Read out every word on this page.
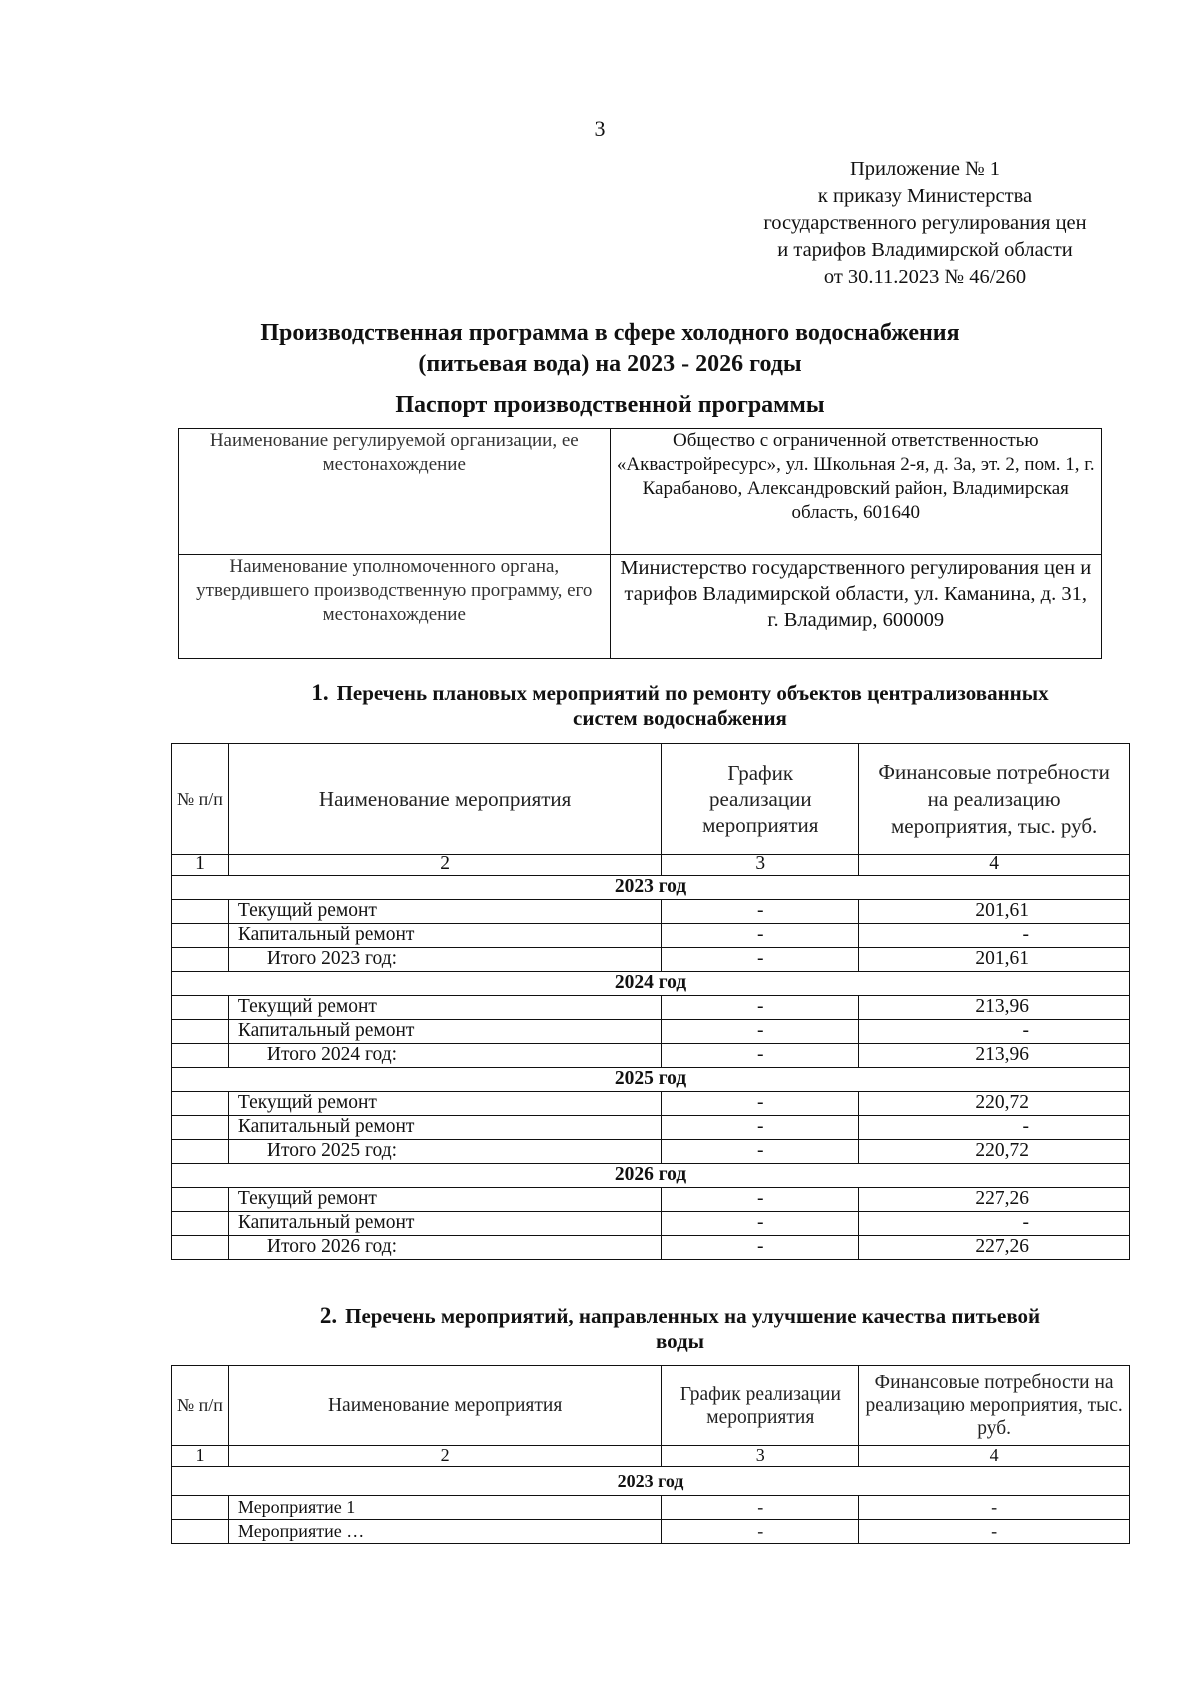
3
Приложение № 1
к приказу Министерства
государственного регулирования цен
и тарифов Владимирской области
от 30.11.2023 № 46/260
Производственная программа в сфере холодного водоснабжения
(питьевая вода) на 2023 - 2026 годы
Паспорт производственной программы
Наименование регулируемой организации, ее местонахождение	Общество с ограниченной ответственностью «Аквастройресурс», ул. Школьная 2-я, д. 3а, эт. 2, пом. 1, г. Карабаново, Александровский район, Владимирская область, 601640
Наименование уполномоченного органа, утвердившего производственную программу, его местонахождение	Министерство государственного регулирования цен и тарифов Владимирской области, ул. Каманина, д. 31, г. Владимир, 600009
1. Перечень плановых мероприятий по ремонту объектов централизованных
систем водоснабжения
№ п/п	Наименование мероприятия	График реализации мероприятия	Финансовые потребности на реализацию мероприятия, тыс. руб.
1	2	3	4
2023 год			
	Текущий ремонт	-	201,61
	Капитальный ремонт	-	-
	Итого 2023 год:	-	201,61
2024 год			
	Текущий ремонт	-	213,96
	Капитальный ремонт	-	-
	Итого 2024 год:	-	213,96
2025 год			
	Текущий ремонт	-	220,72
	Капитальный ремонт	-	-
	Итого 2025 год:	-	220,72
2026 год			
	Текущий ремонт	-	227,26
	Капитальный ремонт	-	-
	Итого 2026 год:	-	227,26
2. Перечень мероприятий, направленных на улучшение качества питьевой
воды
№ п/п	Наименование мероприятия	График реализации мероприятия	Финансовые потребности на реализацию мероприятия, тыс. руб.
1	2	3	4
2023 год			
	Мероприятие 1	-	-
	Мероприятие …	-	-
